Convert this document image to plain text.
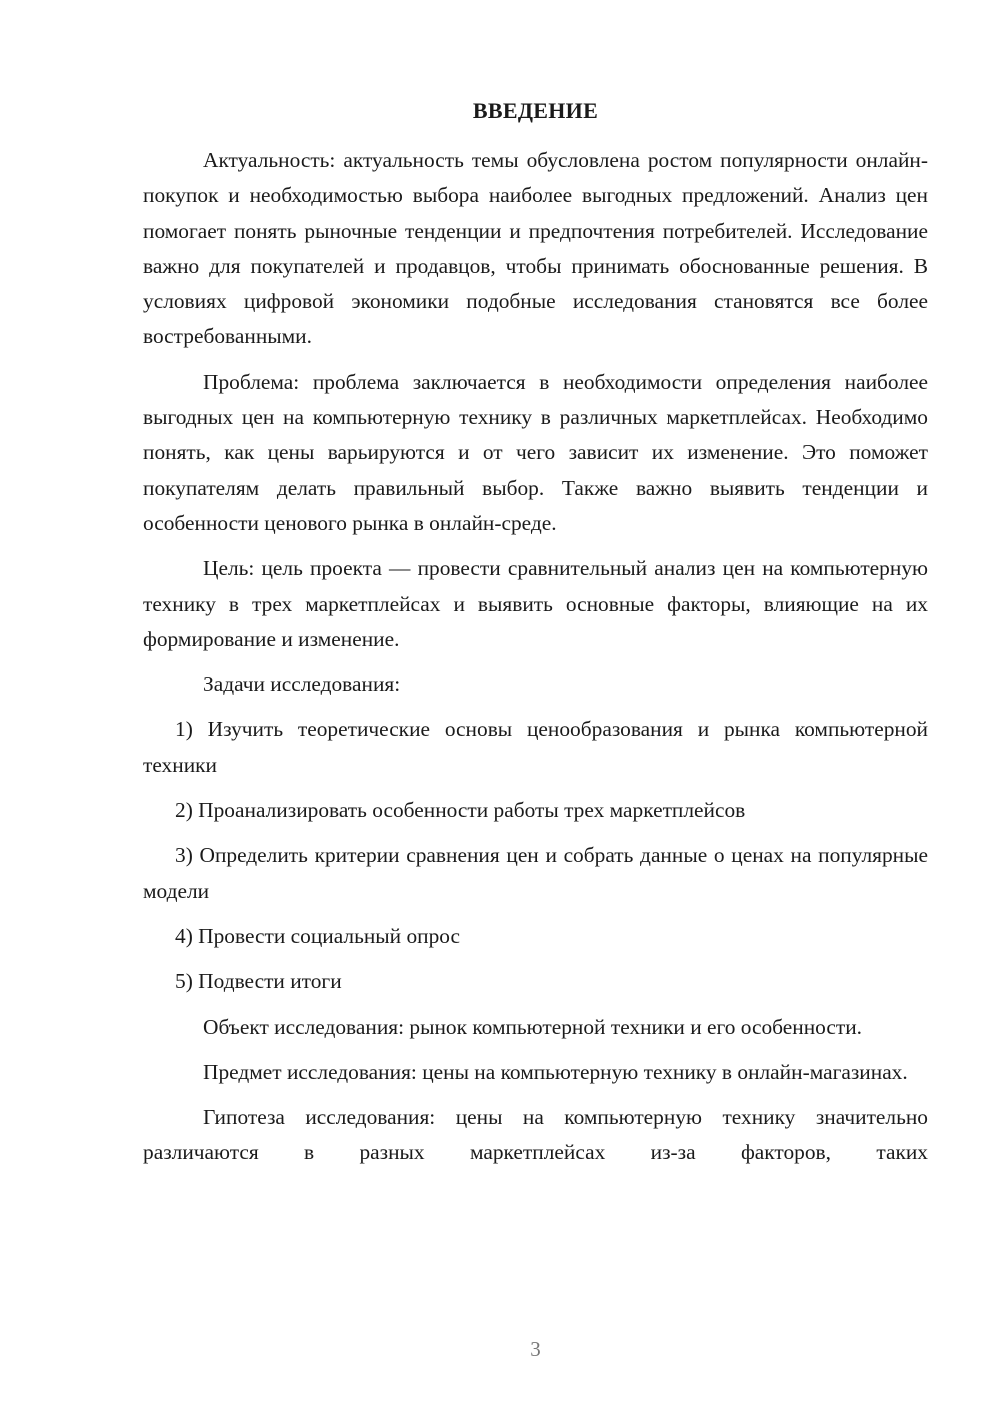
ВВЕДЕНИЕ

Актуальность: актуальность темы обусловлена ростом популярности онлайн-покупок и необходимостью выбора наиболее выгодных предложений. Анализ цен помогает понять рыночные тенденции и предпочтения потребителей. Исследование важно для покупателей и продавцов, чтобы принимать обоснованные решения. В условиях цифровой экономики подобные исследования становятся все более востребованными.

Проблема: проблема заключается в необходимости определения наиболее выгодных цен на компьютерную технику в различных маркетплейсах. Необходимо понять, как цены варьируются и от чего зависит их изменение. Это поможет покупателям делать правильный выбор. Также важно выявить тенденции и особенности ценового рынка в онлайн-среде.

Цель: цель проекта — провести сравнительный анализ цен на компьютерную технику в трех маркетплейсах и выявить основные факторы, влияющие на их формирование и изменение.

Задачи исследования:

1) Изучить теоретические основы ценообразования и рынка компьютерной техники

2) Проанализировать особенности работы трех маркетплейсов

3) Определить критерии сравнения цен и собрать данные о ценах на популярные модели

4) Провести социальный опрос

5) Подвести итоги

Объект исследования: рынок компьютерной техники и его особенности.

Предмет исследования: цены на компьютерную технику в онлайн-магазинах.

Гипотеза исследования: цены на компьютерную технику значительно различаются в разных маркетплейсах из-за факторов, таких

3
